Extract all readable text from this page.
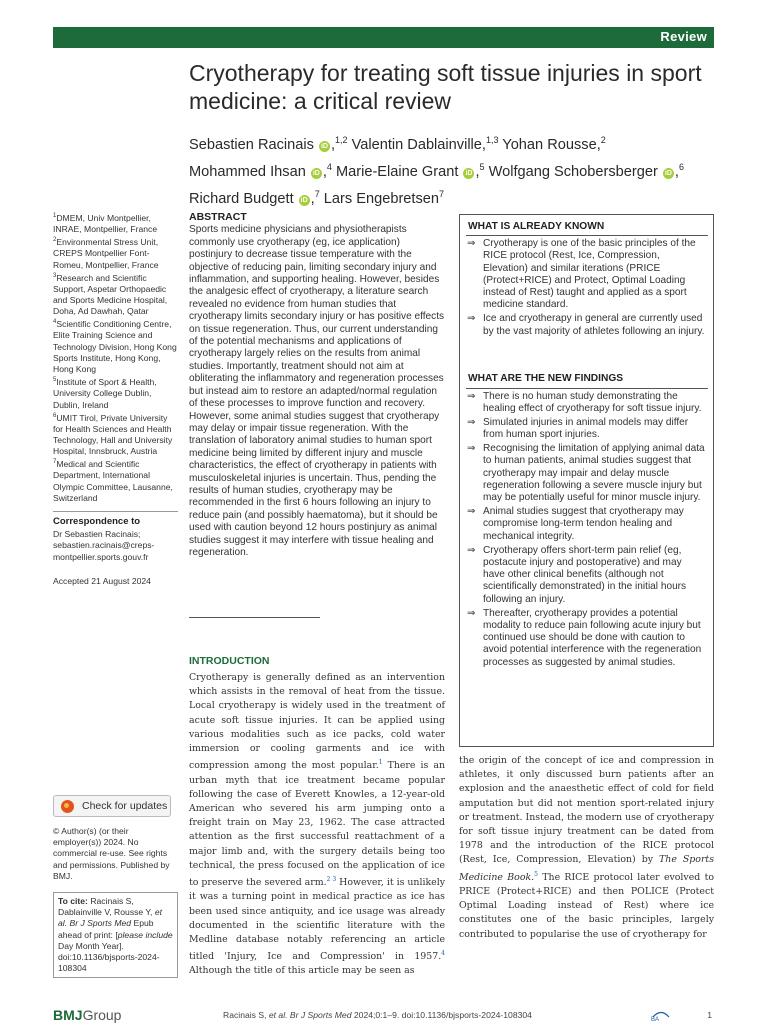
Review
Cryotherapy for treating soft tissue injuries in sport medicine: a critical review
Sebastien Racinais iD ,$^{1,2}$ Valentin Dablainville,$^{1,3}$ Yohan Rousse,$^2$
Mohammed Ihsan iD ,$^4$ Marie-Elaine Grant iD ,$^5$ Wolfgang Schobersberger iD ,$^6$
Richard Budgett iD ,$^7$ Lars Engebretsen$^7$

$^1$DMEM, Univ Montpellier, INRAE, Montpellier, France

$^2$Environmental Stress Unit, CREPS Montpellier Font-Romeu, Montpellier, France

$^3$Research and Scientific Support, Aspetar Orthopaedic and Sports Medicine Hospital, Doha, Ad Dawhah, Qatar

$^4$Scientific Conditioning Centre, Elite Training Science and Technology Division, Hong Kong Sports Institute, Hong Kong, Hong Kong

$^5$Institute of Sport & Health, University College Dublin, Dublin, Ireland

$^6$UMIT Tirol, Private University for Health Sciences and Health Technology, Hall and University Hospital, Innsbruck, Austria

$^7$Medical and Scientific Department, International Olympic Committee, Lausanne, Switzerland

Correspondence to
Dr Sebastien Racinais;
sebastien.racinais@creps-montpellier.sports.gouv.fr
Accepted 21 August 2024
Check for updates
© Author(s) (or their employer(s)) 2024. No commercial re-use. See rights and permissions. Published by BMJ.
To cite: Racinais S, Dablainville V, Rousse Y, et al. Br J Sports Med Epub ahead of print: [please include Day Month Year]. doi:10.1136/bjsports-2024-108304
ABSTRACT
Sports medicine physicians and physiotherapists commonly use cryotherapy (eg, ice application) postinjury to decrease tissue temperature with the objective of reducing pain, limiting secondary injury and inflammation, and supporting healing. However, besides the analgesic effect of cryotherapy, a literature search revealed no evidence from human studies that cryotherapy limits secondary injury or has positive effects on tissue regeneration. Thus, our current understanding of the potential mechanisms and applications of cryotherapy largely relies on the results from animal studies. Importantly, treatment should not aim at obliterating the inflammatory and regeneration processes but instead aim to restore an adapted/normal regulation of these processes to improve function and recovery. However, some animal studies suggest that cryotherapy may delay or impair tissue regeneration. With the translation of laboratory animal studies to human sport medicine being limited by different injury and muscle characteristics, the effect of cryotherapy in patients with musculoskeletal injuries is uncertain. Thus, pending the results of human studies, cryotherapy may be recommended in the first 6 hours following an injury to reduce pain (and possibly haematoma), but it should be used with caution beyond 12 hours postinjury as animal studies suggest it may interfere with tissue healing and regeneration.
WHAT IS ALREADY KNOWN
⇒ Cryotherapy is one of the basic principles of the RICE protocol (Rest, Ice, Compression, Elevation) and similar iterations (PRICE (Protect+RICE) and Protect, Optimal Loading instead of Rest) taught and applied as a sport medicine standard.
⇒ Ice and cryotherapy in general are currently used by the vast majority of athletes following an injury.
WHAT ARE THE NEW FINDINGS
⇒ There is no human study demonstrating the healing effect of cryotherapy for soft tissue injury.
⇒ Simulated injuries in animal models may differ from human sport injuries.
⇒ Recognising the limitation of applying animal data to human patients, animal studies suggest that cryotherapy may impair and delay muscle regeneration following a severe muscle injury but may be potentially useful for minor muscle injury.
⇒ Animal studies suggest that cryotherapy may compromise long-term tendon healing and mechanical integrity.
⇒ Cryotherapy offers short-term pain relief (eg, postacute injury and postoperative) and may have other clinical benefits (although not scientifically demonstrated) in the initial hours following an injury.
⇒ Thereafter, cryotherapy provides a potential modality to reduce pain following acute injury but continued use should be done with caution to avoid potential interference with the regeneration processes as suggested by animal studies.
INTRODUCTION
Cryotherapy is generally defined as an intervention which assists in the removal of heat from the tissue. Local cryotherapy is widely used in the treatment of acute soft tissue injuries. It can be applied using various modalities such as ice packs, cold water immersion or cooling garments and ice with compression among the most popular.$^1$ There is an urban myth that ice treatment became popular following the case of Everett Knowles, a 12-year-old American who severed his arm jumping onto a freight train on May 23, 1962. The case attracted attention as the first successful reattachment of a major limb and, with the surgery details being too technical, the press focused on the application of ice to preserve the severed arm.$^{2 3}$ However, it is unlikely it was a turning point in medical practice as ice has been used since antiquity, and ice usage was already documented in the scientific literature with the Medline database notably referencing an article titled 'Injury, Ice and Compression' in 1957.$^4$ Although the title of this article may be seen as
the origin of the concept of ice and compression in athletes, it only discussed burn patients after an explosion and the anaesthetic effect of cold for field amputation but did not mention sport-related injury or treatment. Instead, the modern use of cryotherapy for soft tissue injury treatment can be dated from 1978 and the introduction of the RICE protocol (Rest, Ice, Compression, Elevation) by The Sports Medicine Book.$^5$ The RICE protocol later evolved to PRICE (Protect+RICE) and then POLICE (Protect Optimal Loading instead of Rest) where ice constitutes one of the basic principles, largely contributed to popularise the use of cryotherapy for
BMJGroup	Racinais S, et al. Br J Sports Med 2024;0:1–9. doi:10.1136/bjsports-2024-108304	BA	1
